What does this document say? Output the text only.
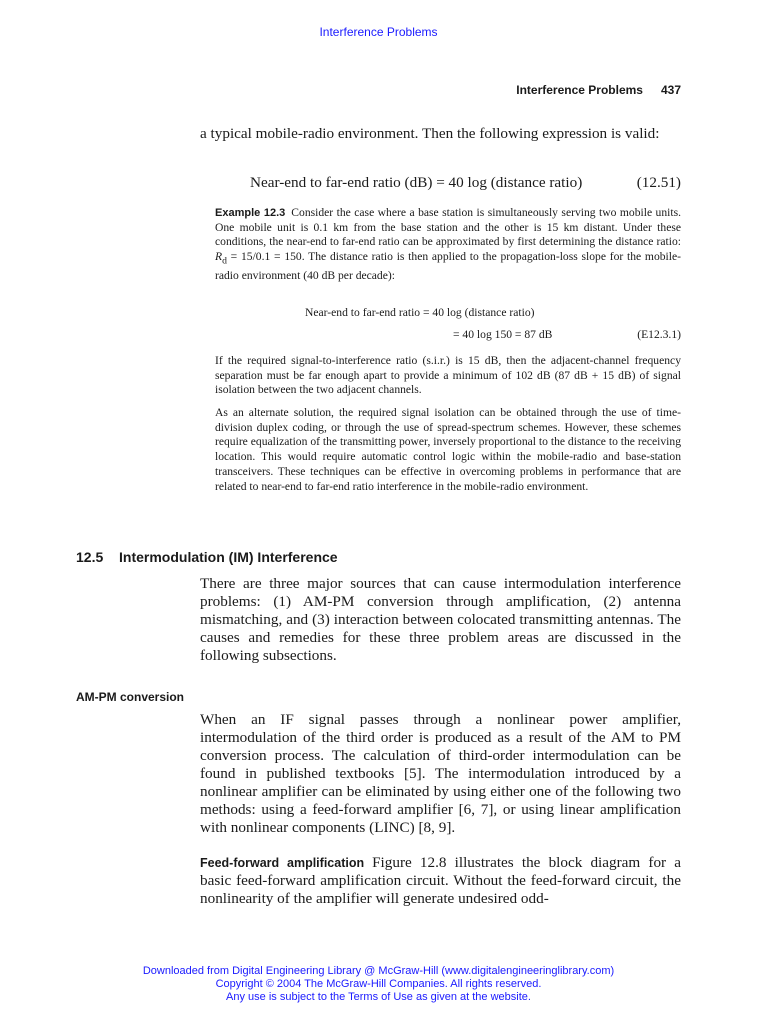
Interference Problems
Interference Problems 437

a typical mobile-radio environment. Then the following expression is valid:

Near-end to far-end ratio (dB) = 40 log (distance ratio)	(12.51)

Example 12.3 Consider the case where a base station is simultaneously serving two mobile units. One mobile unit is 0.1 km from the base station and the other is 15 km distant. Under these conditions, the near-end to far-end ratio can be approximated by first determining the distance ratio: $R_d = 15/0.1 = 150$. The distance ratio is then applied to the propagation-loss slope for the mobile-radio environment (40 dB per decade):

Near-end to far-end ratio = 40 log (distance ratio)
= 40 log 150 = 87 dB	(E12.3.1)

If the required signal-to-interference ratio (s.i.r.) is 15 dB, then the adjacent-channel frequency separation must be far enough apart to provide a minimum of 102 dB (87 dB + 15 dB) of signal isolation between the two adjacent channels.

As an alternate solution, the required signal isolation can be obtained through the use of time-division duplex coding, or through the use of spread-spectrum schemes. However, these schemes require equalization of the transmitting power, inversely proportional to the distance to the receiving location. This would require automatic control logic within the mobile-radio and base-station transceivers. These techniques can be effective in overcoming problems in performance that are related to near-end to far-end ratio interference in the mobile-radio environment.

12.5 Intermodulation (IM) Interference

There are three major sources that can cause intermodulation interference problems: (1) AM-PM conversion through amplification, (2) antenna mismatching, and (3) interaction between colocated transmitting antennas. The causes and remedies for these three problem areas are discussed in the following subsections.

AM-PM conversion

When an IF signal passes through a nonlinear power amplifier, intermodulation of the third order is produced as a result of the AM to PM conversion process. The calculation of third-order intermodulation can be found in published textbooks [5]. The intermodulation introduced by a nonlinear amplifier can be eliminated by using either one of the following two methods: using a feed-forward amplifier [6, 7], or using linear amplification with nonlinear components (LINC) [8, 9].

Feed-forward amplification Figure 12.8 illustrates the block diagram for a basic feed-forward amplification circuit. Without the feed-forward circuit, the nonlinearity of the amplifier will generate undesired odd-

Downloaded from Digital Engineering Library @ McGraw-Hill (www.digitalengineeringlibrary.com)
Copyright © 2004 The McGraw-Hill Companies. All rights reserved.
Any use is subject to the Terms of Use as given at the website.
